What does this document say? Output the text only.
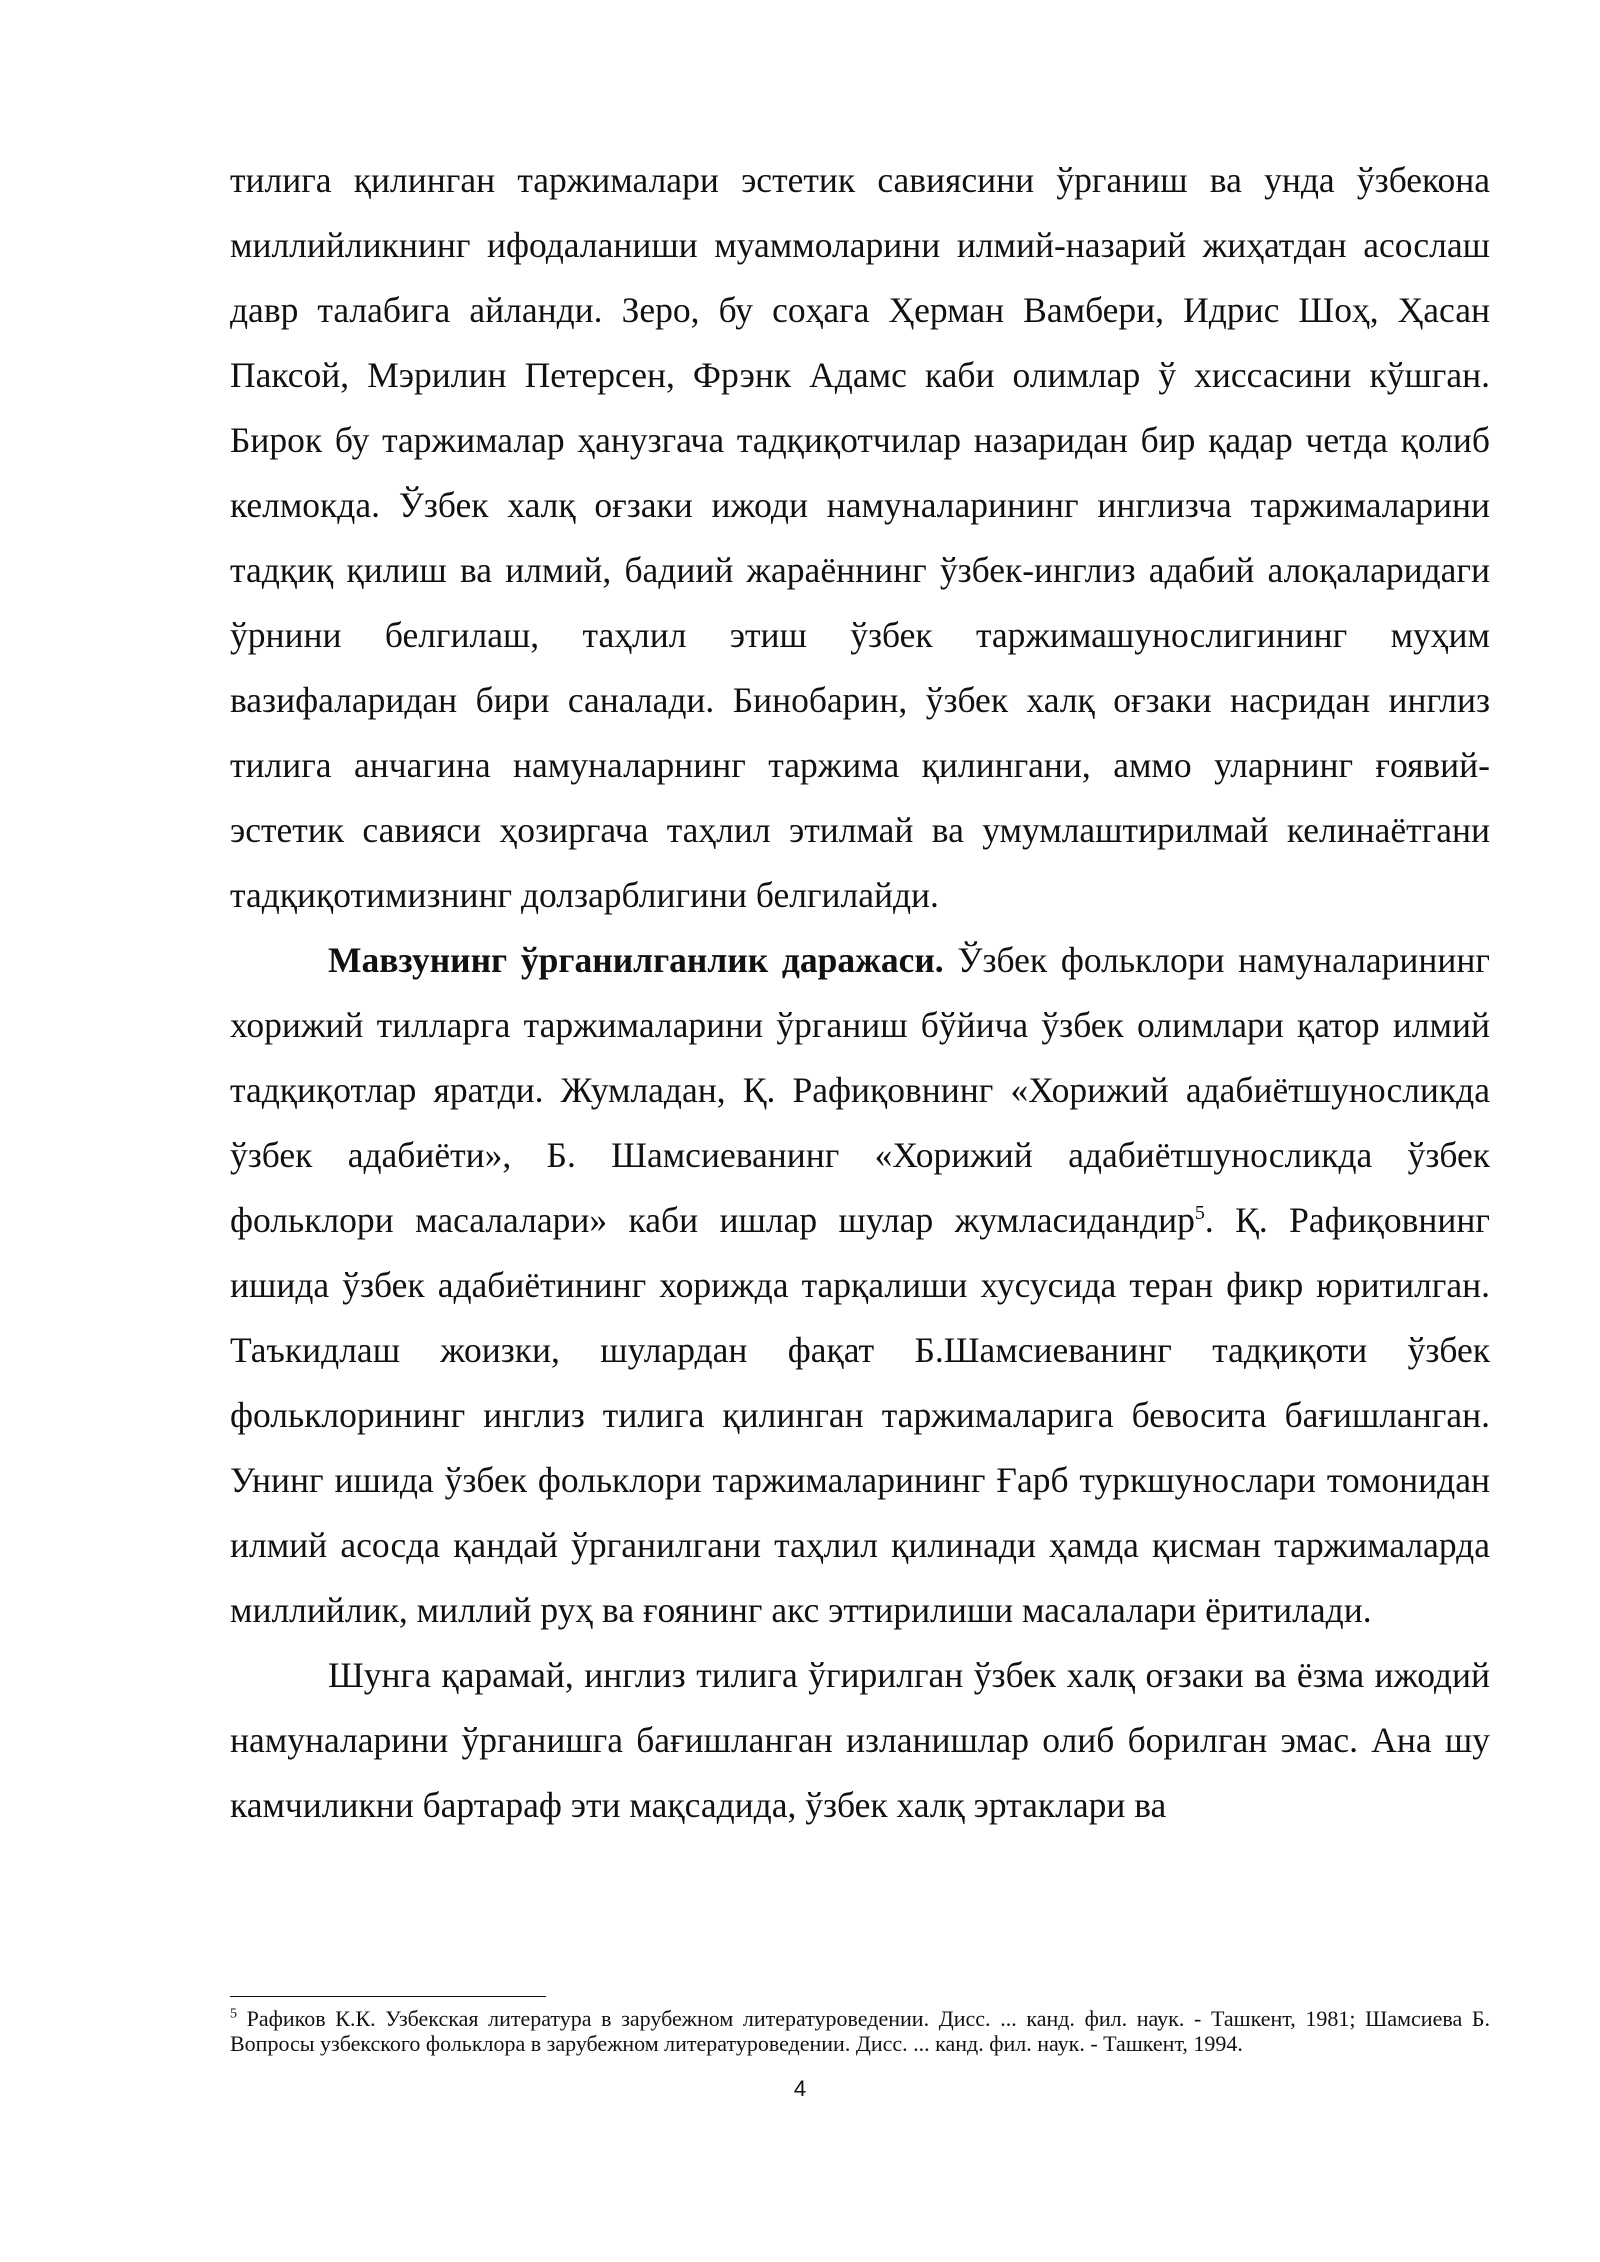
тилига қилинган таржималари эстетик савиясини ўрганиш ва унда ўзбекона миллийликнинг ифодаланиши муаммоларини илмий-назарий жиҳатдан асослаш давр талабига айланди. Зеро, бу соҳага Ҳерман Вамбери, Идрис Шоҳ, Ҳасан Паксой, Мэрилин Петерсен, Фрэнк Адамс каби олимлар ў хиссасини кўшган. Бирок бу таржималар ҳанузгача тадқиқотчилар назаридан бир қадар четда қолиб келмокда. Ўзбек халқ оғзаки ижоди намуналарининг инглизча таржималарини тадқиқ қилиш ва илмий, бадиий жараённинг ўзбек-инглиз адабий алоқаларидаги ўрнини белгилаш, таҳлил этиш ўзбек таржимашунослигининг муҳим вазифаларидан бири саналади. Бинобарин, ўзбек халқ оғзаки насридан инглиз тилига анчагина намуналарнинг таржима қилингани, аммо уларнинг ғоявий-эстетик савияси ҳозиргача таҳлил этилмай ва умумлаштирилмай келинаётгани тадқиқотимизнинг долзарблигини белгилайди.

Мавзунинг ўрганилганлик даражаси. Ўзбек фольклори намуналарининг хорижий тилларга таржималарини ўрганиш бўйича ўзбек олимлари қатор илмий тадқиқотлар яратди. Жумладан, Қ. Рафиқовнинг «Хорижий адабиётшуносликда ўзбек адабиёти», Б. Шамсиеванинг «Хорижий адабиётшуносликда ўзбек фольклори масалалари» каби ишлар шулар жумласидандир$^5$. Қ. Рафиқовнинг ишида ўзбек адабиётининг хорижда тарқалиши хусусида теран фикр юритилган. Таъкидлаш жоизки, шулардан фақат Б.Шамсиеванинг тадқиқоти ўзбек фольклорининг инглиз тилига қилинган таржималарига бевосита бағишланган. Унинг ишида ўзбек фольклори таржималарининг Ғарб туркшунослари томонидан илмий асосда қандай ўрганилгани таҳлил қилинади ҳамда қисман таржималарда миллийлик, миллий руҳ ва ғоянинг акс эттирилиши масалалари ёритилади.

Шунга қарамай, инглиз тилига ўгирилган ўзбек халқ оғзаки ва ёзма ижодий намуналарини ўрганишга бағишланган изланишлар олиб борилган эмас. Ана шу камчиликни бартараф эти мақсадида, ўзбек халқ эртаклари ва

$^5$ Рафиков К.К. Узбекская литература в зарубежном литературоведении. Дисс. ... канд. фил. наук. - Ташкент, 1981; Шамсиева Б. Вопросы узбекского фольклора в зарубежном литературоведении. Дисс. ... канд. фил. наук. - Ташкент, 1994.
4
